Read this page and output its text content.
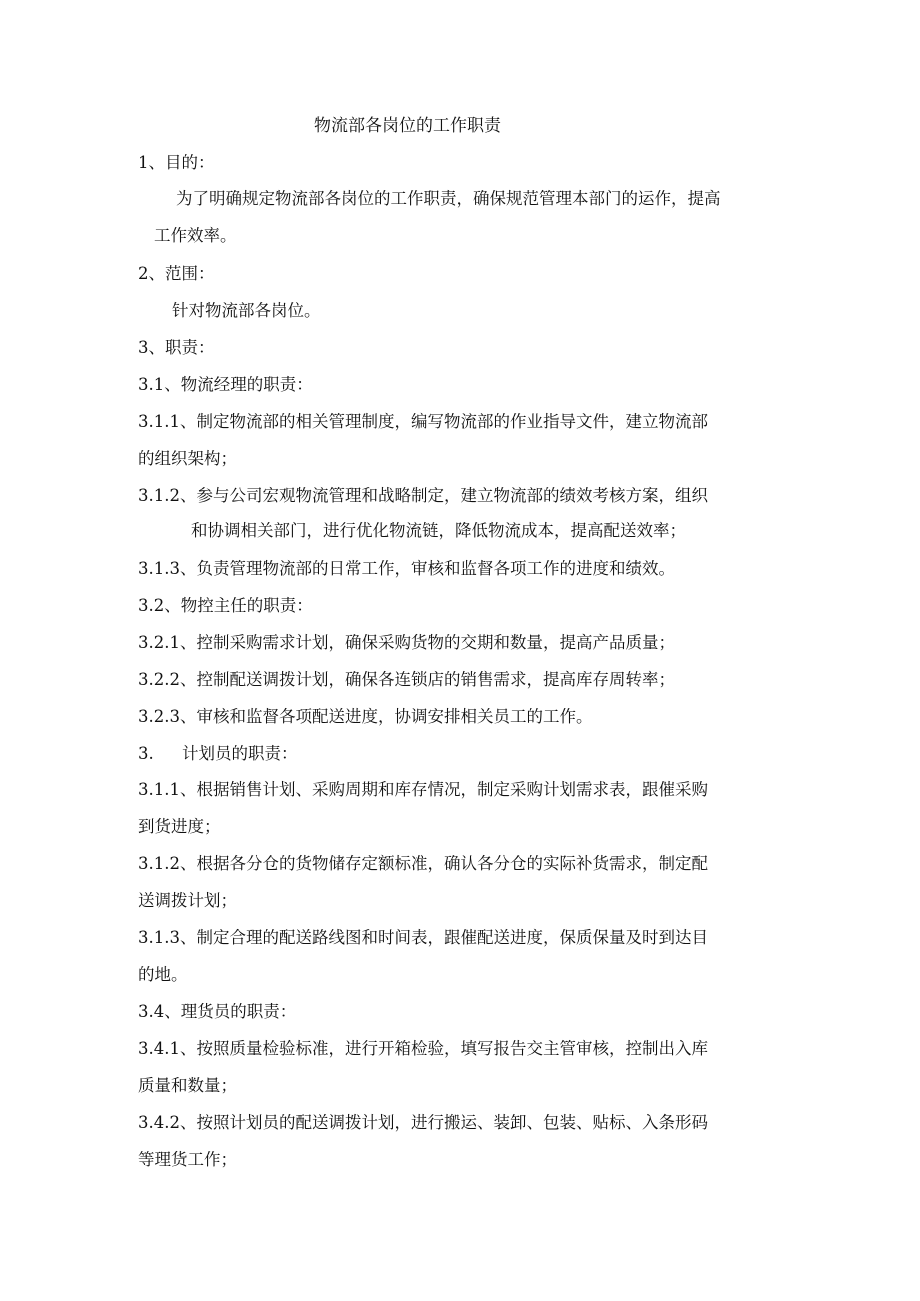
物流部各岗位的工作职责
1、目的：
为了明确规定物流部各岗位的工作职责，确保规范管理本部门的运作，提高
工作效率。
2、范围：
针对物流部各岗位。
3、职责：
3.1、物流经理的职责：
3.1.1、制定物流部的相关管理制度，编写物流部的作业指导文件，建立物流部
的组织架构；
3.1.2、参与公司宏观物流管理和战略制定，建立物流部的绩效考核方案，组织
和协调相关部门，进行优化物流链，降低物流成本，提高配送效率；
3.1.3、负责管理物流部的日常工作，审核和监督各项工作的进度和绩效。
3.2、物控主任的职责：
3.2.1、控制采购需求计划，确保采购货物的交期和数量，提高产品质量；
3.2.2、控制配送调拨计划，确保各连锁店的销售需求，提高库存周转率；
3.2.3、审核和监督各项配送进度，协调安排相关员工的工作。
3. 计划员的职责：
3.1.1、根据销售计划、采购周期和库存情况，制定采购计划需求表，跟催采购
到货进度；
3.1.2、根据各分仓的货物储存定额标准，确认各分仓的实际补货需求，制定配
送调拨计划；
3.1.3、制定合理的配送路线图和时间表，跟催配送进度，保质保量及时到达目
的地。
3.4、理货员的职责：
3.4.1、按照质量检验标准，进行开箱检验，填写报告交主管审核，控制出入库
质量和数量；
3.4.2、按照计划员的配送调拨计划，进行搬运、装卸、包装、贴标、入条形码
等理货工作；
